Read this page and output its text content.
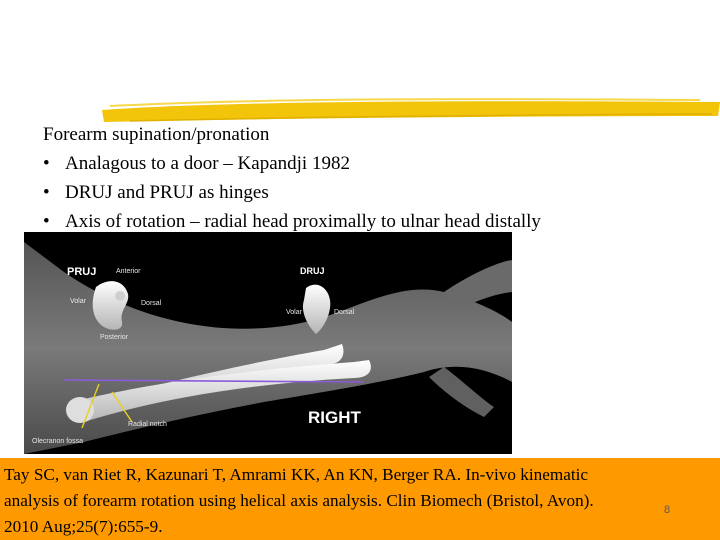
Forearm supination/pronation
• Analagous to a door – Kapandji 1982
• DRUJ and PRUJ as hinges
• Axis of rotation – radial head proximally to ulnar head distally
PRUJ	Anterior
Volar	Dorsal
Posterior
DRUJ
Volar	Dorsal
RIGHT
Radial notch
Olecranon fossa
Tay SC, van Riet R, Kazunari T, Amrami KK, An KN, Berger RA. In-vivo kinematic
analysis of forearm rotation using helical axis analysis. Clin Biomech (Bristol, Avon).
2010 Aug;25(7):655-9.
8
